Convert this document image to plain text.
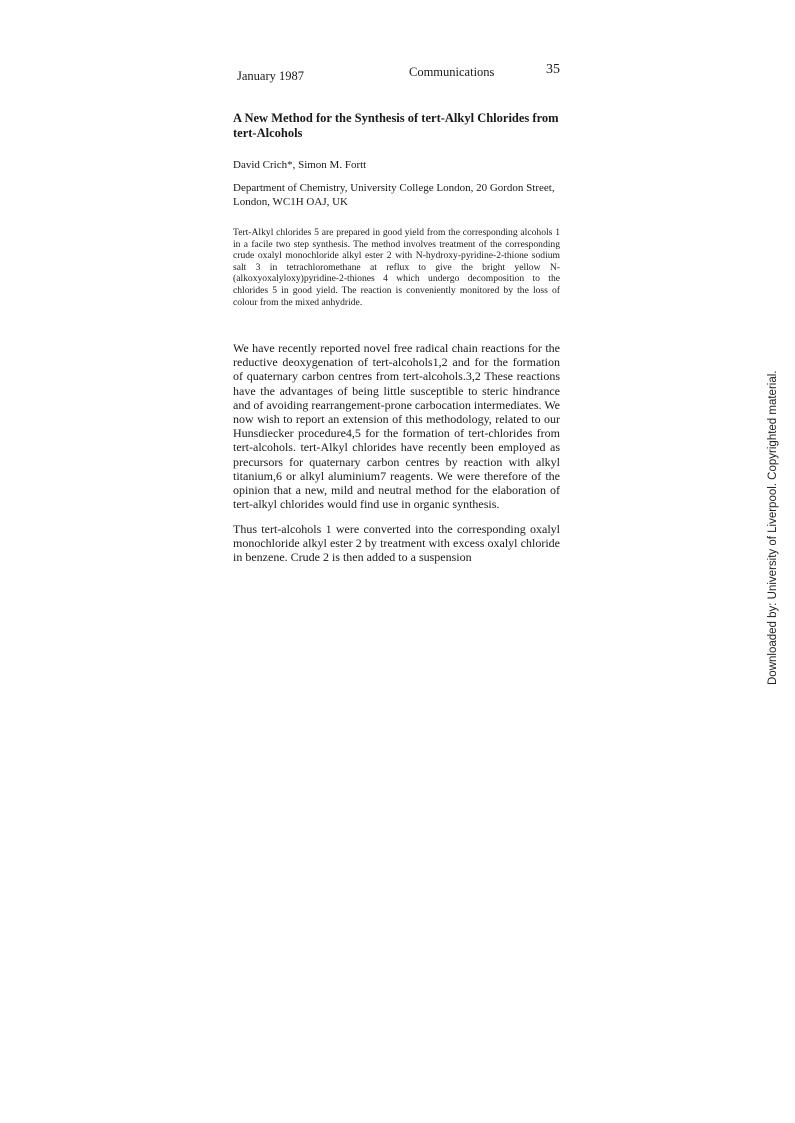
January 1987	Communications	35
A New Method for the Synthesis of tert-Alkyl Chlorides from tert-Alcohols
David Crich*, Simon M. Fortt
Department of Chemistry, University College London, 20 Gordon Street, London, WC1H OAJ, UK

Tert-Alkyl chlorides 5 are prepared in good yield from the corresponding alcohols 1 in a facile two step synthesis. The method involves treatment of the corresponding crude oxalyl monochloride alkyl ester 2 with N-hydroxy-pyridine-2-thione sodium salt 3 in tetrachloromethane at reflux to give the bright yellow N-(alkoxyoxalyloxy)pyridine-2-thiones 4 which undergo decomposition to the chlorides 5 in good yield. The reaction is conveniently monitored by the loss of colour from the mixed anhydride.

We have recently reported novel free radical chain reactions for the reductive deoxygenation of tert-alcohols1,2 and for the formation of quaternary carbon centres from tert-alcohols.3,2 These reactions have the advantages of being little susceptible to steric hindrance and of avoiding rearrangement-prone carbocation intermediates. We now wish to report an extension of this methodology, related to our Hunsdiecker procedure4,5 for the formation of tert-chlorides from tert-alcohols. tert-Alkyl chlorides have recently been employed as precursors for quaternary carbon centres by reaction with alkyl titanium,6 or alkyl aluminium7 reagents. We were therefore of the opinion that a new, mild and neutral method for the elaboration of tert-alkyl chlorides would find use in organic synthesis.

Thus tert-alcohols 1 were converted into the corresponding oxalyl monochloride alkyl ester 2 by treatment with excess oxalyl chloride in benzene. Crude 2 is then added to a suspension	Downloaded by: University of Liverpool. Copyrighted material.
